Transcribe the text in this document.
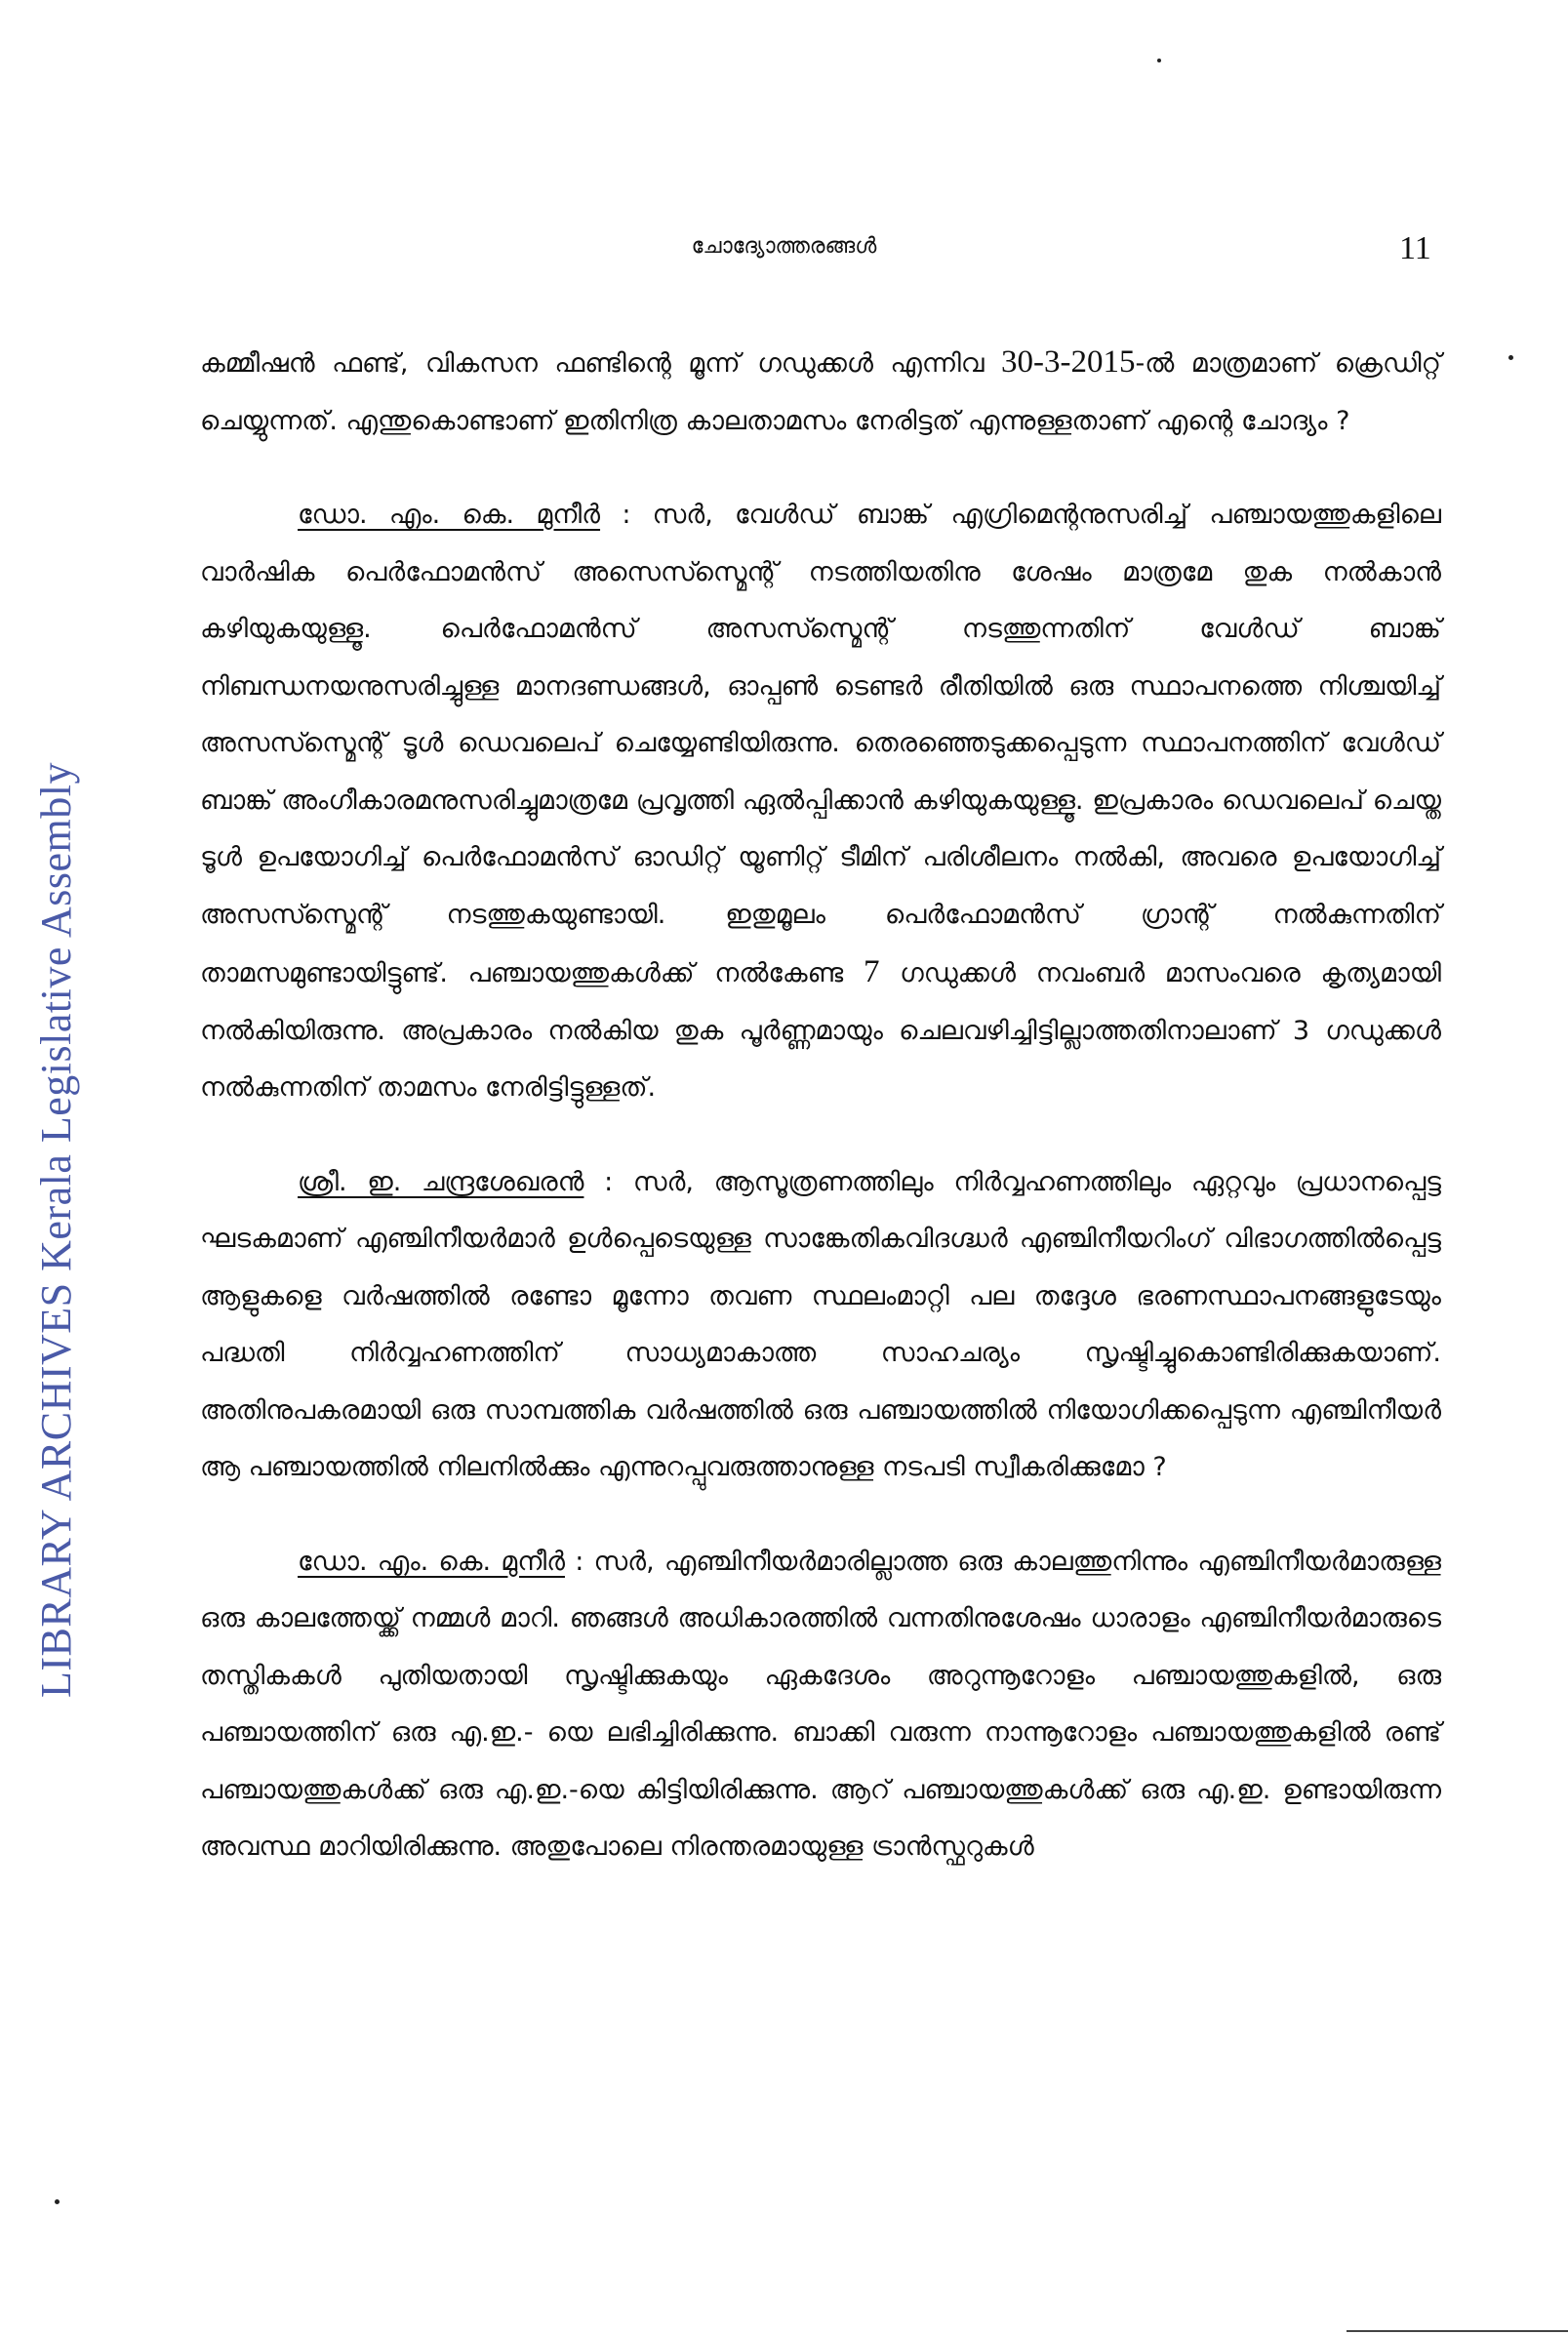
LIBRARY ARCHIVES Kerala Legislative Assembly
ചോദ്യോത്തരങ്ങൾ	11

കമ്മീഷൻ ഫണ്ട്, വികസന ഫണ്ടിന്റെ മൂന്ന് ഗഡുക്കൾ എന്നിവ 30-3-2015-ൽ മാത്രമാണ് ക്രെഡിറ്റ് ചെയ്യുന്നത്. എന്തുകൊണ്ടാണ് ഇതിനിത്ര കാലതാമസം നേരിട്ടത് എന്നുള്ളതാണ് എന്റെ ചോദ്യം ?

ഡോ. എം. കെ. മുനീർ : സർ, വേൾഡ് ബാങ്ക് എഗ്രിമെന്റനുസരിച്ച് പഞ്ചായത്തുകളിലെ വാർഷിക പെർഫോമൻസ് അസെസ്സ്മെന്റ് നടത്തിയതിനു ശേഷം മാത്രമേ തുക നൽകാൻ കഴിയുകയുള്ളൂ. പെർഫോമൻസ് അസസ്സ്മെന്റ് നടത്തുന്നതിന് വേൾഡ് ബാങ്ക് നിബന്ധനയനുസരിച്ചുള്ള മാനദണ്ഡങ്ങൾ, ഓപ്പൺ ടെണ്ടർ രീതിയിൽ ഒരു സ്ഥാപനത്തെ നിശ്ചയിച്ച് അസസ്സ്മെന്റ് ടൂൾ ഡെവലെപ് ചെയ്യേണ്ടിയിരുന്നു. തെരഞ്ഞെടുക്കപ്പെടുന്ന സ്ഥാപനത്തിന് വേൾഡ് ബാങ്ക് അംഗീകാരമനുസരിച്ചുമാത്രമേ പ്രവൃത്തി ഏൽപ്പിക്കാൻ കഴിയുകയുള്ളൂ. ഇപ്രകാരം ഡെവലെപ് ചെയ്ത ടൂൾ ഉപയോഗിച്ച് പെർഫോമൻസ് ഓഡിറ്റ് യൂണിറ്റ് ടീമിന് പരിശീലനം നൽകി, അവരെ ഉപയോഗിച്ച് അസസ്സ്മെന്റ് നടത്തുകയുണ്ടായി. ഇതുമൂലം പെർഫോമൻസ് ഗ്രാന്റ് നൽകുന്നതിന് താമസമുണ്ടായിട്ടുണ്ട്. പഞ്ചായത്തുകൾക്ക് നൽകേണ്ട 7 ഗഡുക്കൾ നവംബർ മാസംവരെ കൃത്യമായി നൽകിയിരുന്നു. അപ്രകാരം നൽകിയ തുക പൂർണ്ണമായും ചെലവഴിച്ചിട്ടില്ലാത്തതിനാലാണ് 3 ഗഡുക്കൾ നൽകുന്നതിന് താമസം നേരിട്ടിട്ടുള്ളത്.

ശ്രീ. ഇ. ചന്ദ്രശേഖരൻ : സർ, ആസൂത്രണത്തിലും നിർവ്വഹണത്തിലും ഏറ്റവും പ്രധാനപ്പെട്ട ഘടകമാണ് എഞ്ചിനീയർമാർ ഉൾപ്പെടെയുള്ള സാങ്കേതികവിദഗ്ദ്ധർ എഞ്ചിനീയറിംഗ് വിഭാഗത്തിൽപ്പെട്ട ആളുകളെ വർഷത്തിൽ രണ്ടോ മൂന്നോ തവണ സ്ഥലംമാറ്റി പല തദ്ദേശ ഭരണസ്ഥാപനങ്ങളുടേയും പദ്ധതി നിർവ്വഹണത്തിന് സാധ്യമാകാത്ത സാഹചര്യം സൃഷ്ടിച്ചുകൊണ്ടിരിക്കുകയാണ്. അതിനുപകരമായി ഒരു സാമ്പത്തിക വർഷത്തിൽ ഒരു പഞ്ചായത്തിൽ നിയോഗിക്കപ്പെടുന്ന എഞ്ചിനീയർ ആ പഞ്ചായത്തിൽ നിലനിൽക്കും എന്നുറപ്പുവരുത്താനുള്ള നടപടി സ്വീകരിക്കുമോ ?

ഡോ. എം. കെ. മുനീർ : സർ, എഞ്ചിനീയർമാരില്ലാത്ത ഒരു കാലത്തുനിന്നും എഞ്ചിനീയർമാരുള്ള ഒരു കാലത്തേയ്ക്ക് നമ്മൾ മാറി. ഞങ്ങൾ അധികാരത്തിൽ വന്നതിനുശേഷം ധാരാളം എഞ്ചിനീയർമാരുടെ തസ്തികകൾ പുതിയതായി സൃഷ്ടിക്കുകയും ഏകദേശം അറുന്നൂറോളം പഞ്ചായത്തുകളിൽ, ഒരു പഞ്ചായത്തിന് ഒരു എ.ഇ.- യെ ലഭിച്ചിരിക്കുന്നു. ബാക്കി വരുന്ന നാന്നൂറോളം പഞ്ചായത്തുകളിൽ രണ്ട് പഞ്ചായത്തുകൾക്ക് ഒരു എ.ഇ.-യെ കിട്ടിയിരിക്കുന്നു. ആറ് പഞ്ചായത്തുകൾക്ക് ഒരു എ.ഇ. ഉണ്ടായിരുന്ന അവസ്ഥ മാറിയിരിക്കുന്നു. അതുപോലെ നിരന്തരമായുള്ള ട്രാൻസ്ഫറുകൾ
